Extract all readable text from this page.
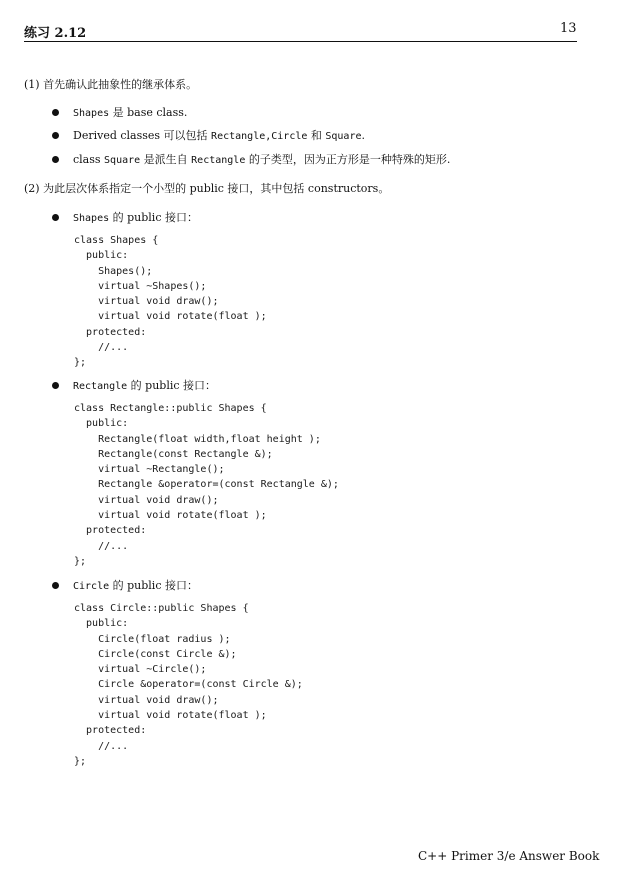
练习 2.12	13
(1) 首先确认此抽象性的继承体系。
Shapes 是 base class.
Derived classes 可以包括 Rectangle,Circle 和 Square.
class Square 是派生自 Rectangle 的子类型，因为正方形是一种特殊的矩形.
(2) 为此层次体系指定一个小型的 public 接口，其中包括 constructors。
Shapes 的 public 接口：
class Shapes {
public:
Shapes();
virtual ~Shapes();
virtual void draw();
virtual void rotate(float );
protected:
//...
};
Rectangle 的 public 接口：
class Rectangle::public Shapes {
public:
Rectangle(float width,float height );
Rectangle(const Rectangle &);
virtual ~Rectangle();
Rectangle &operator=(const Rectangle &);
virtual void draw();
virtual void rotate(float );
protected:
//...
};
Circle 的 public 接口：
class Circle::public Shapes {
public:
Circle(float radius );
Circle(const Circle &);
virtual ~Circle();
Circle &operator=(const Circle &);
virtual void draw();
virtual void rotate(float );
protected:
//...
};
C++ Primer 3/e Answer Book
